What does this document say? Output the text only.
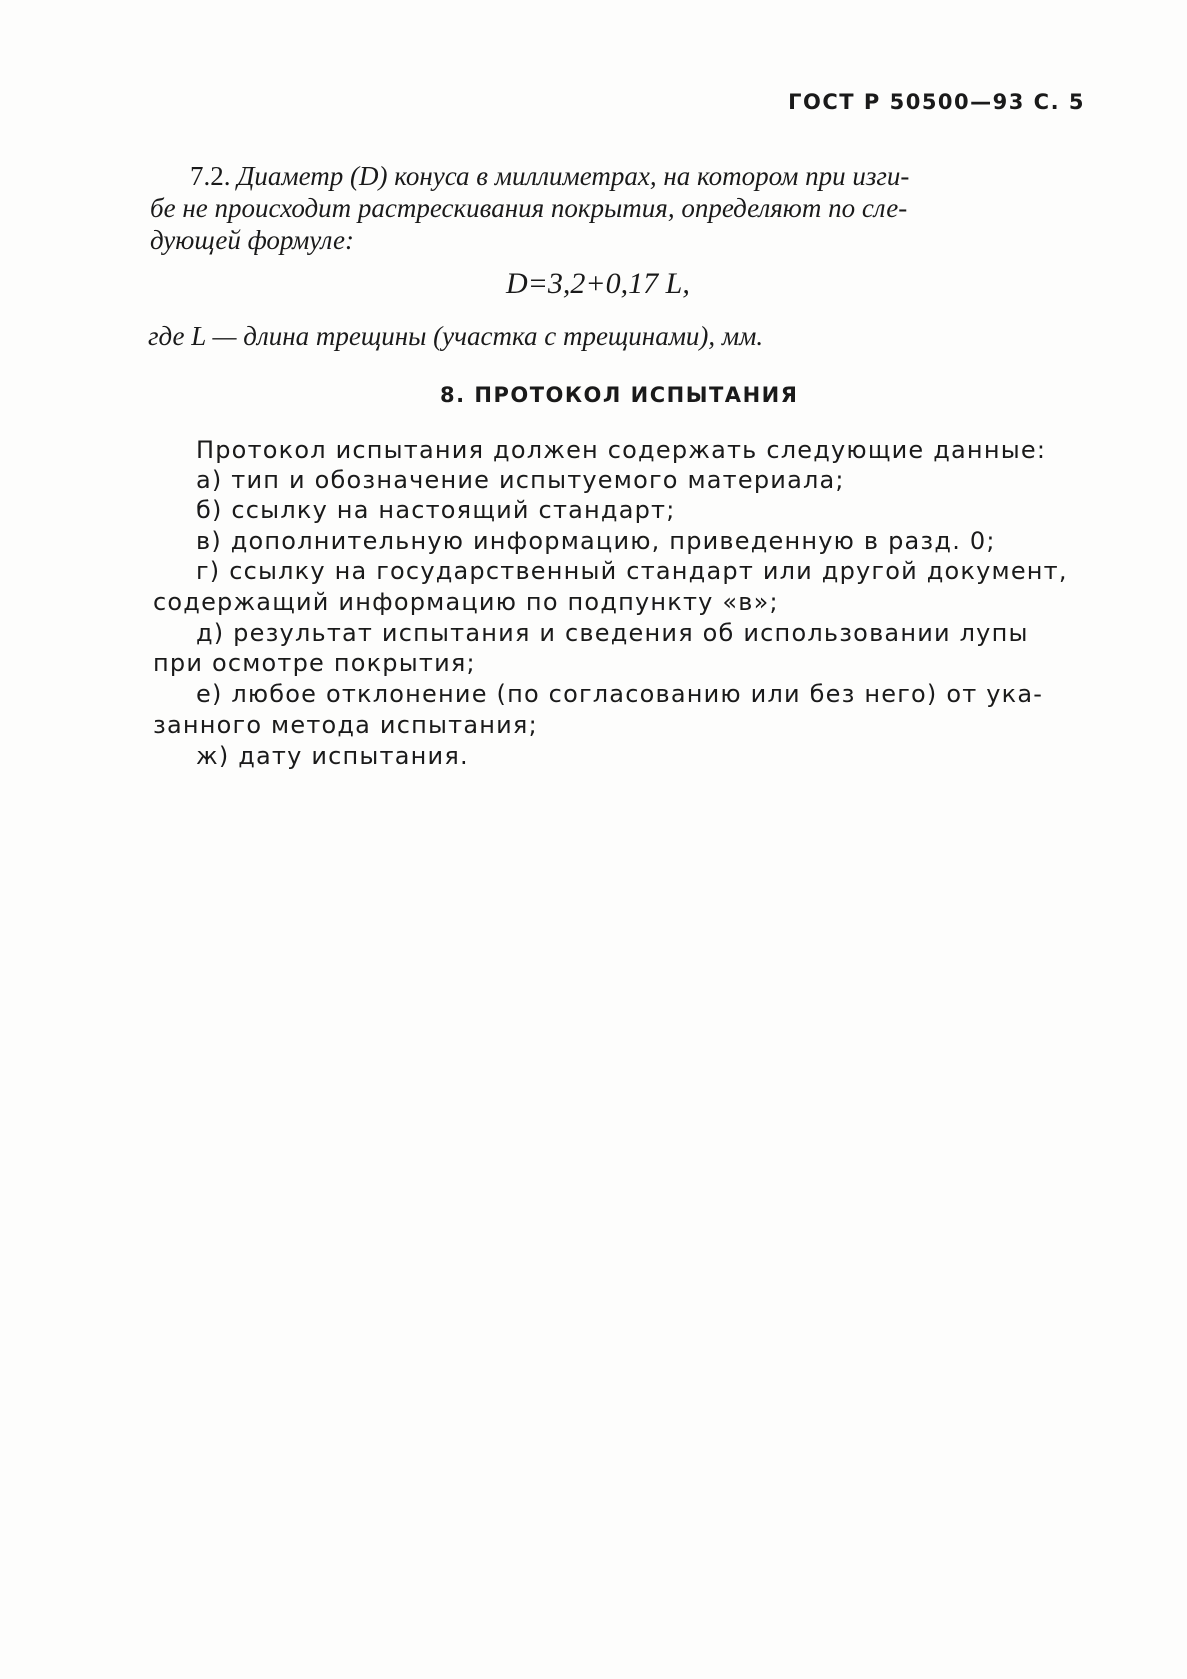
ГОСТ Р 50500—93 С. 5
7.2. Диаметр (D) конуса в миллиметрах, на котором при изги-
бе не происходит растрескивания покрытия, определяют по сле-
дующей формуле:
D=3,2+0,17 L,
где L — длина трещины (участка с трещинами), мм.
8. ПРОТОКОЛ ИСПЫТАНИЯ
Протокол испытания должен содержать следующие данные:
а) тип и обозначение испытуемого материала;
б) ссылку на настоящий стандарт;
в) дополнительную информацию, приведенную в разд. 0;
г) ссылку на государственный стандарт или другой документ,
содержащий информацию по подпункту «в»;
д) результат испытания и сведения об использовании лупы
при осмотре покрытия;
е) любое отклонение (по согласованию или без него) от ука-
занного метода испытания;
ж) дату испытания.
